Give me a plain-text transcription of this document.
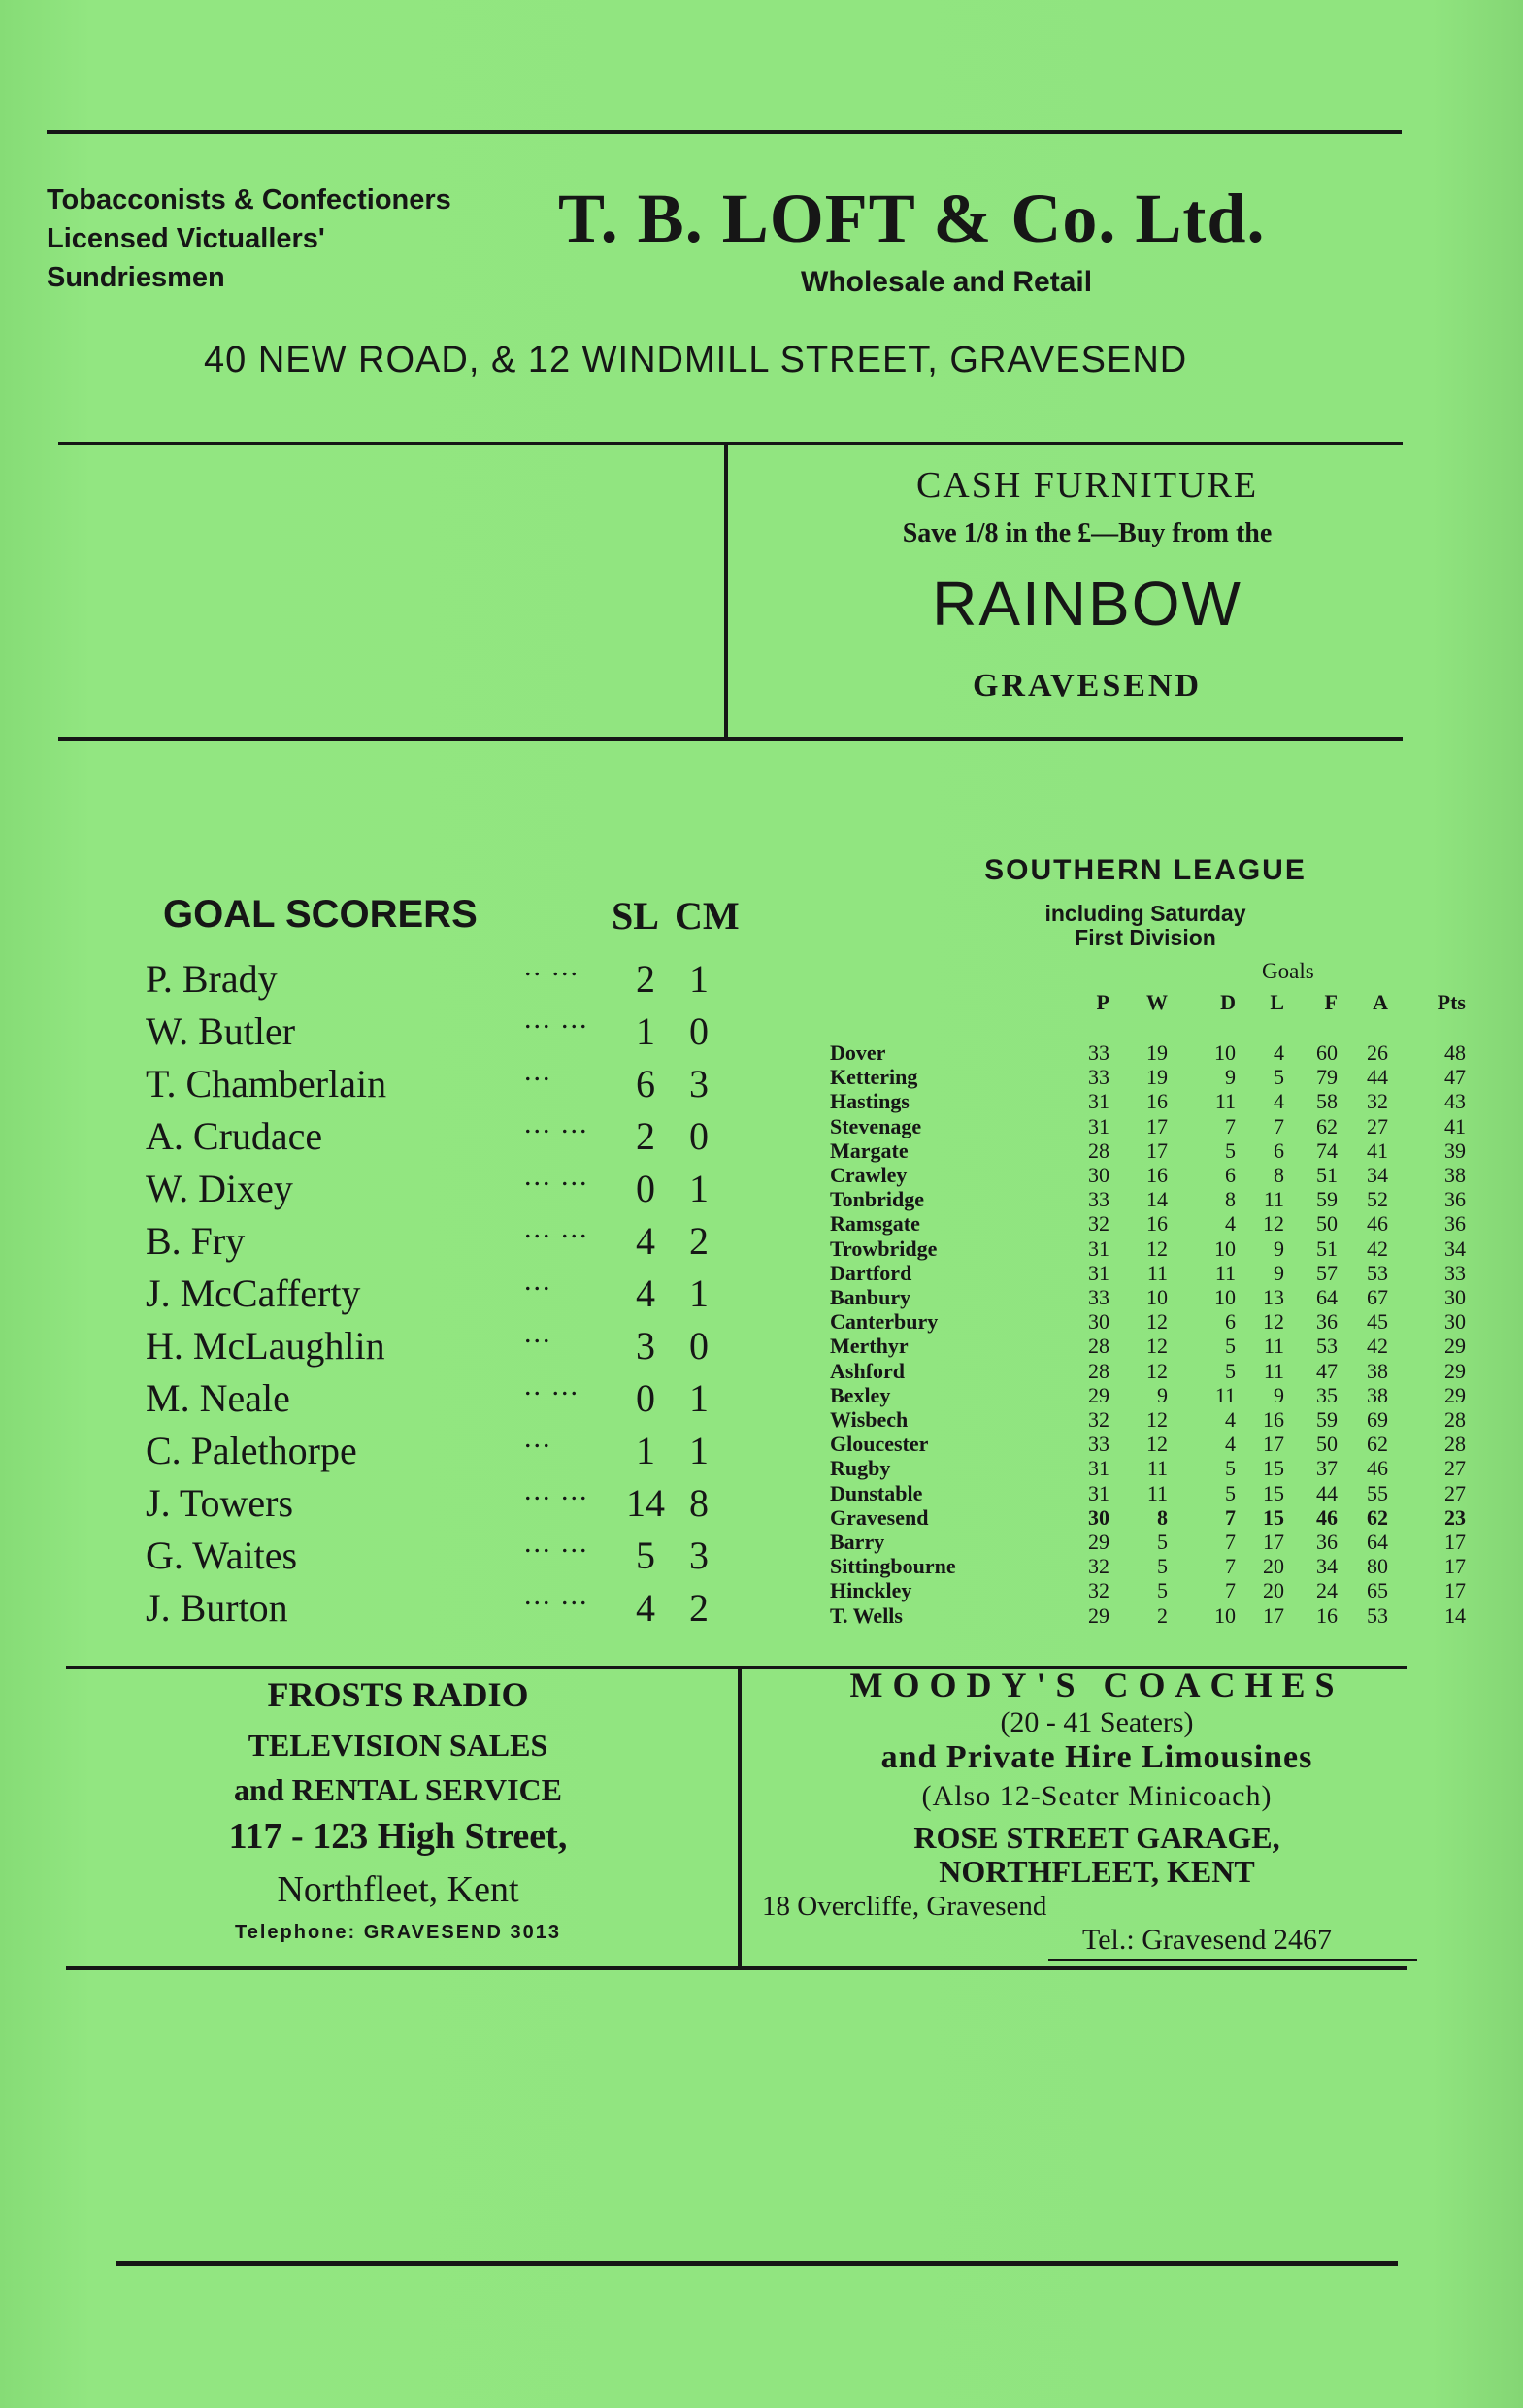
Tobacconists & Confectioners
Licensed Victuallers'
Sundriesmen
T. B. LOFT & Co. Ltd.
Wholesale and Retail
40 NEW ROAD, & 12 WINDMILL STREET, GRAVESEND
CASH FURNITURE
Save 1/8 in the £—Buy from the
RAINBOW
GRAVESEND
GOAL SCORERS	SL CM
P. Brady	.. ...	2 1
W. Butler	... ...	1 0
T. Chamberlain	...	6 3
A. Crudace	... ...	2 0
W. Dixey	... ...	0 1
B. Fry	... ...	4 2
J. McCafferty	...	4 1
H. McLaughlin	...	3 0
M. Neale	.. ...	0 1
C. Palethorpe	...	1 1
J. Towers	... ... 14 8
G. Waites	... ...	5 3
J. Burton	... ...	4 2
SOUTHERN LEAGUE
including Saturday
First Division
Goals
P	W	D	L	F	A	Pts
Dover	33	19	10	4	60	26	48
Kettering	33	19	9	5	79	44	47
Hastings	31	16	11	4	58	32	43
Stevenage	31	17	7	7	62	27	41
Margate	28	17	5	6	74	41	39
Crawley	30	16	6	8	51	34	38
Tonbridge	33	14	8	11	59	52	36
Ramsgate	32	16	4	12	50	46	36
Trowbridge	31	12	10	9	51	42	34
Dartford	31	11	11	9	57	53	33
Banbury	33	10	10	13	64	67	30
Canterbury	30	12	6	12	36	45	30
Merthyr	28	12	5	11	53	42	29
Ashford	28	12	5	11	47	38	29
Bexley	29	9	11	9	35	38	29
Wisbech	32	12	4	16	59	69	28
Gloucester	33	12	4	17	50	62	28
Rugby	31	11	5	15	37	46	27
Dunstable	31	11	5	15	44	55	27
Gravesend	30	8	7	15	46	62	23
Barry	29	5	7	17	36	64	17
Sittingbourne	32	5	7	20	34	80	17
Hinckley	32	5	7	20	24	65	17
T. Wells	29	2	10	17	16	53	14
FROSTS RADIO
TELEVISION SALES
and RENTAL SERVICE
117 - 123 High Street,
Northfleet, Kent
Telephone: GRAVESEND 3013
MOODY'S COACHES
(20 - 41 Seaters)
and Private Hire Limousines
(Also 12-Seater Minicoach)
ROSE STREET GARAGE,
NORTHFLEET, KENT
18 Overcliffe, Gravesend
Tel.: Gravesend 2467
